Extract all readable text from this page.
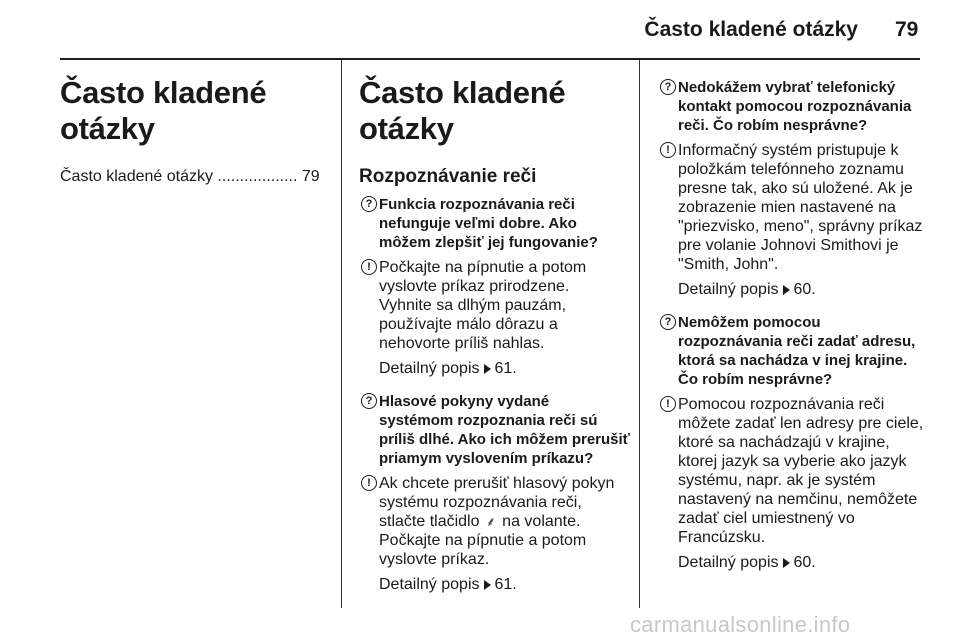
Často kladené otázky 79
Často kladené otázky
Často kladené otázky .................. 79
Často kladené otázky
Rozpoznávanie reči
? Funkcia rozpoznávania reči
nefunguje veľmi dobre. Ako
môžem zlepšiť jej fungovanie?
! Počkajte na pípnutie a potom
vyslovte príkaz prirodzene.
Vyhnite sa dlhým pauzám,
používajte málo dôrazu a
nehovorte príliš nahlas.
Detailný popis 61.
? Hlasové pokyny vydané
systémom rozpoznania reči sú
príliš dlhé. Ako ich môžem prerušiť
priamym vyslovením príkazu?
! Ak chcete prerušiť hlasový pokyn
systému rozpoznávania reči,
stlačte tlačidlo ⸙ na volante.
Počkajte na pípnutie a potom
vyslovte príkaz.
Detailný popis 61.
? Nedokážem vybrať telefonický
kontakt pomocou rozpoznávania
reči. Čo robím nesprávne?
! Informačný systém pristupuje k
položkám telefónneho zoznamu
presne tak, ako sú uložené. Ak je
zobrazenie mien nastavené na
"priezvisko, meno", správny príkaz
pre volanie Johnovi Smithovi je
"Smith, John".
Detailný popis 60.
? Nemôžem pomocou
rozpoznávania reči zadať adresu,
ktorá sa nachádza v inej krajine.
Čo robím nesprávne?
! Pomocou rozpoznávania reči
môžete zadať len adresy pre ciele,
ktoré sa nachádzajú v krajine,
ktorej jazyk sa vyberie ako jazyk
systému, napr. ak je systém
nastavený na nemčinu, nemôžete
zadať ciel umiestnený vo
Francúzsku.
Detailný popis 60.
carmanualsonline.info
